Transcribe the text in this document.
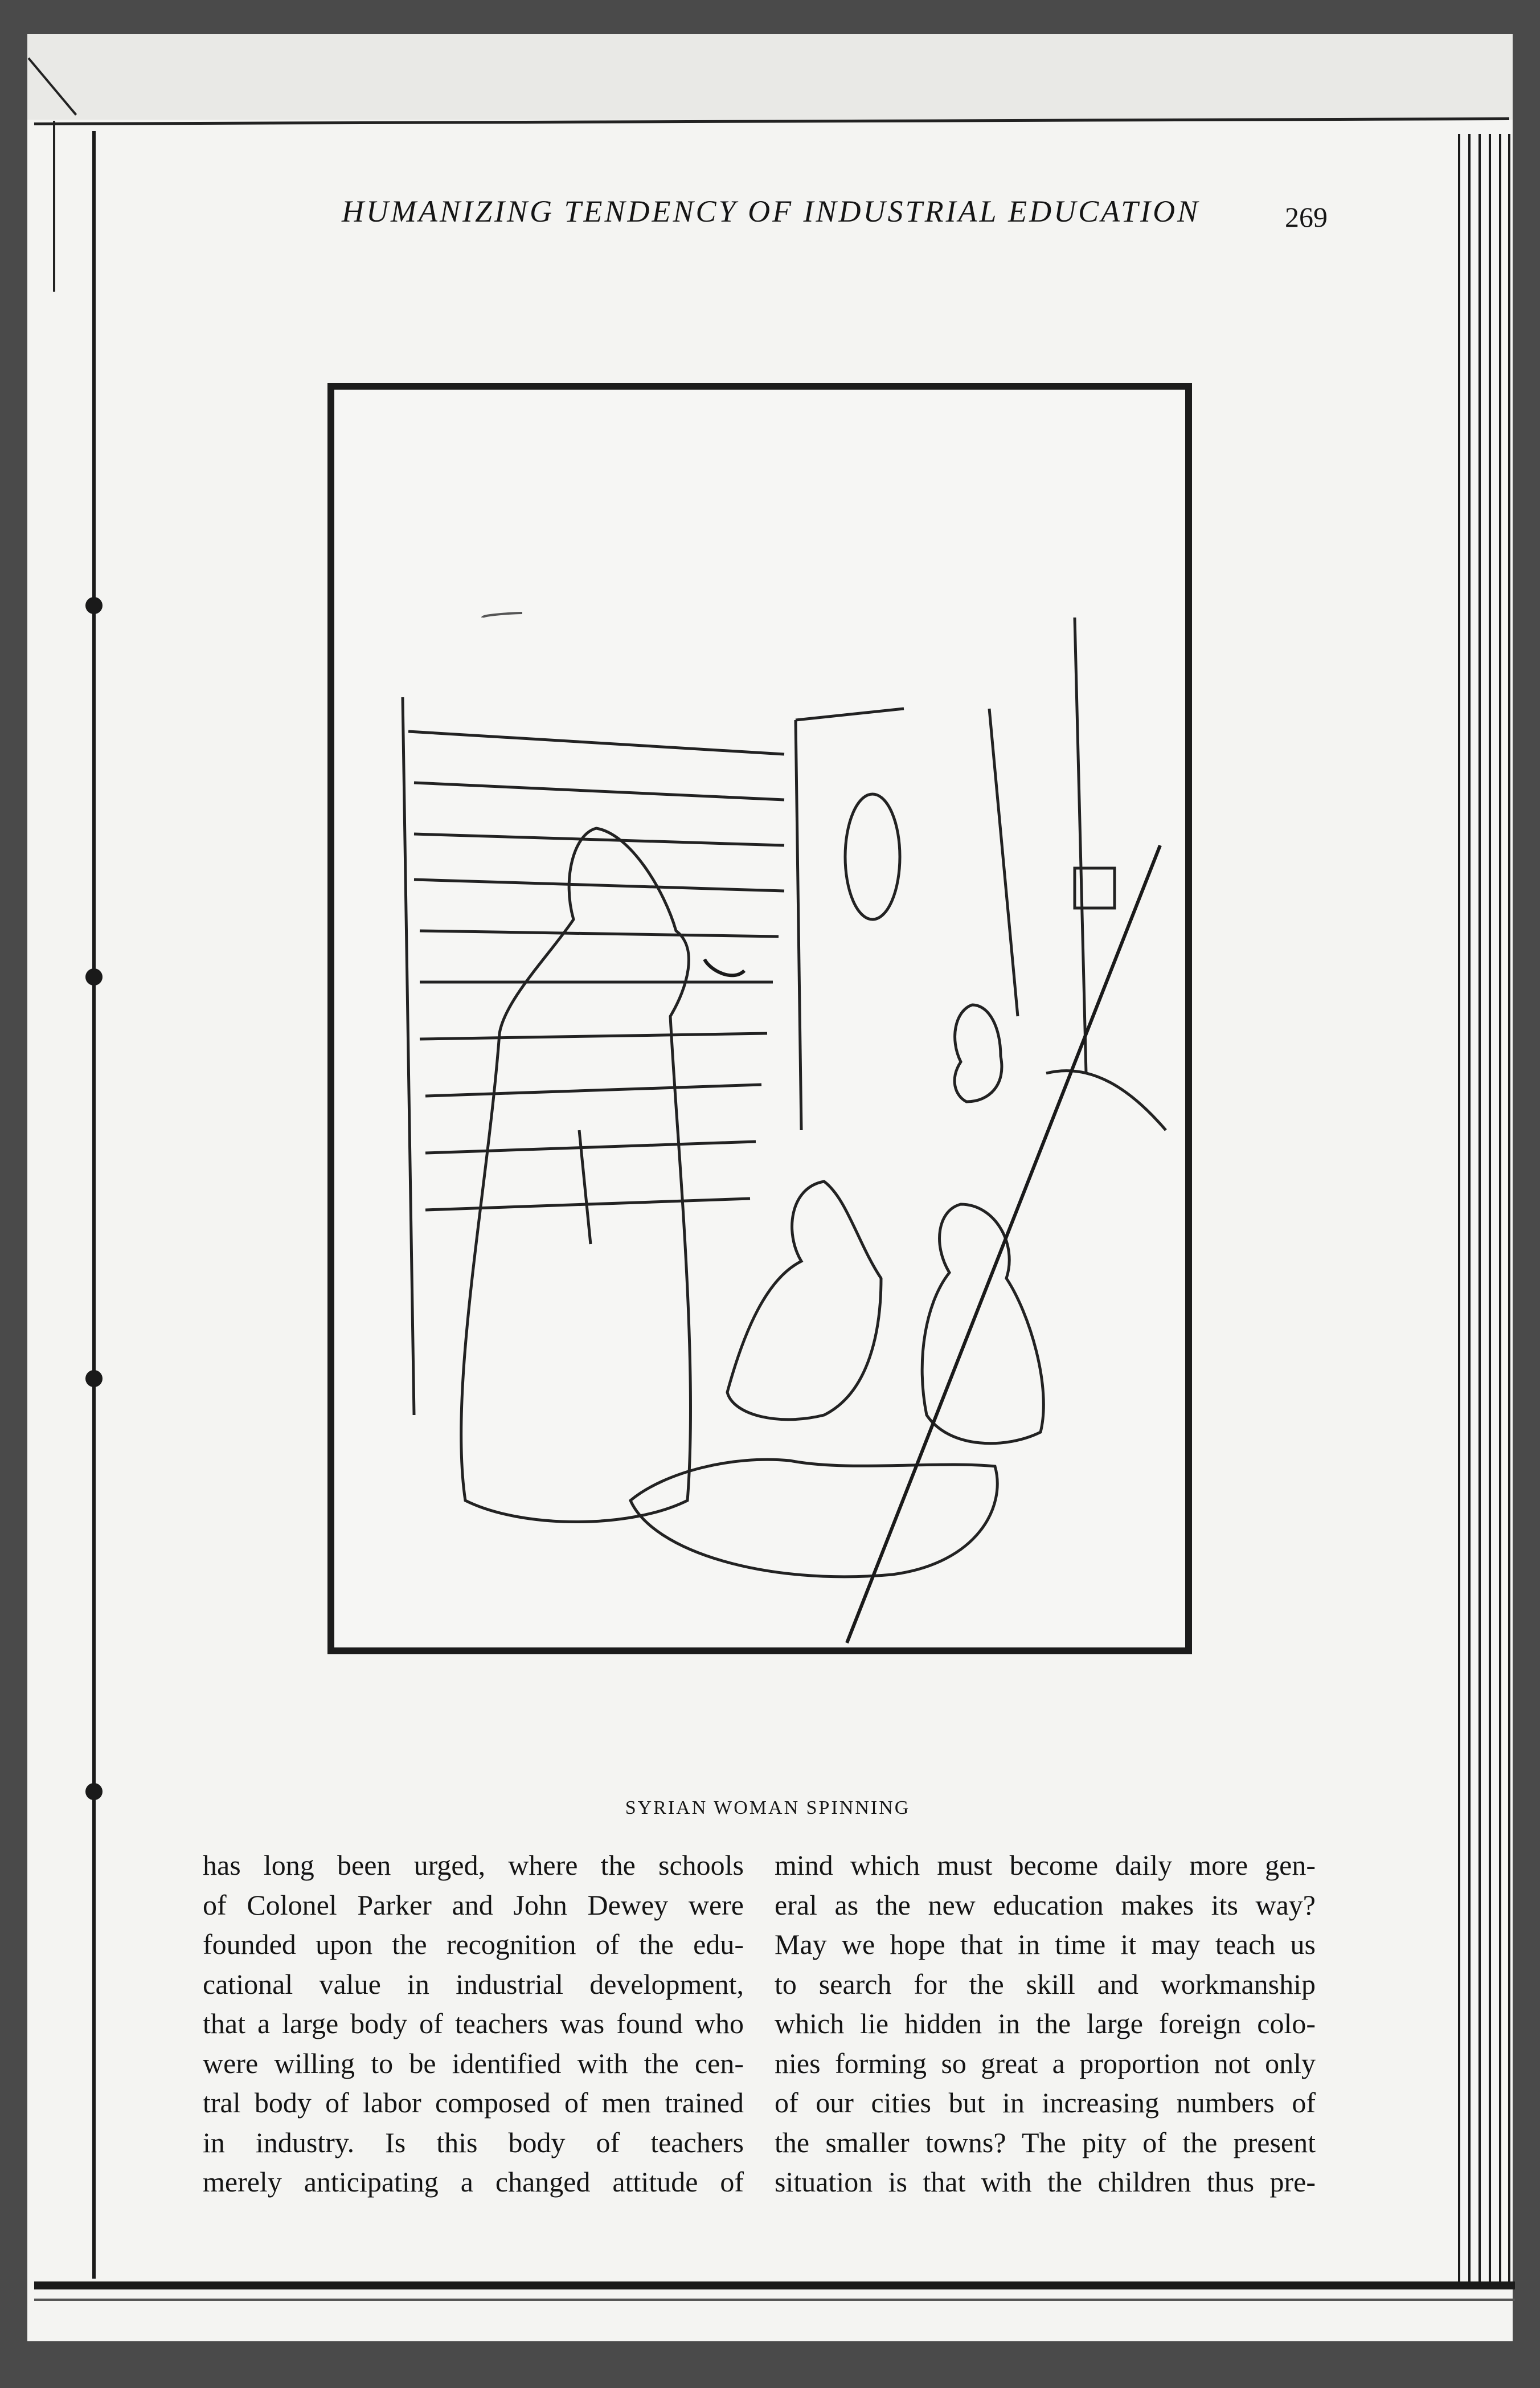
HUMANIZING TENDENCY OF INDUSTRIAL EDUCATION	269
SYRIAN WOMAN SPINNING
has long been urged, where the schools
of Colonel Parker and John Dewey were
founded upon the recognition of the edu-
cational value in industrial development,
that a large body of teachers was found who
were willing to be identified with the cen-
tral body of labor composed of men trained
in industry. Is this body of teachers
merely anticipating a changed attitude of
mind which must become daily more gen-
eral as the new education makes its way?
May we hope that in time it may teach us
to search for the skill and workmanship
which lie hidden in the large foreign colo-
nies forming so great a proportion not only
of our cities but in increasing numbers of
the smaller towns? The pity of the present
situation is that with the children thus pre-
